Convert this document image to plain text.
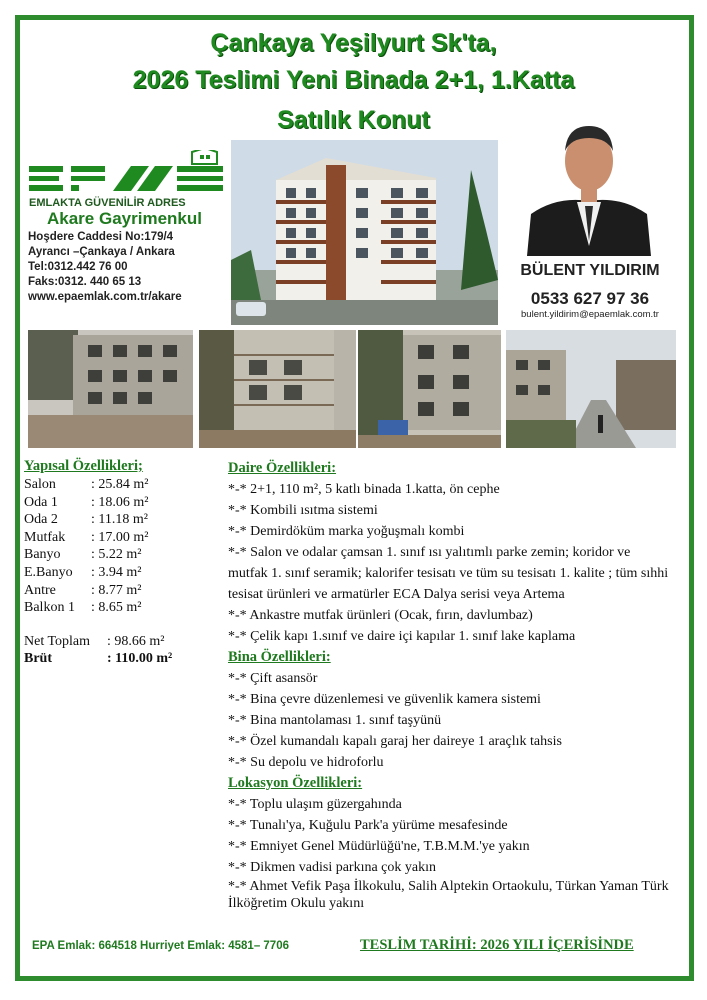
Çankaya Yeşilyurt Sk'ta,
2026 Teslimi Yeni Binada 2+1, 1.Katta
Satılık Konut
EMLAKTA GÜVENİLİR ADRES
Akare Gayrimenkul
Hoşdere Caddesi No:179/4
Ayrancı –Çankaya / Ankara
Tel:0312.442 76 00
Faks:0312. 440 65 13
www.epaemlak.com.tr/akare
BÜLENT YILDIRIM
0533 627 97 36
bulent.yildirim@epaemlak.com.tr
Yapısal Özellikleri;
Salon	: 25.84 m²
Oda 1 : 18.06 m²
Oda 2 : 11.18 m²
Mutfak : 17.00 m²
Banyo : 5.22 m²
E.Banyo : 3.94 m²
Antre	: 8.77 m²
Balkon 1 : 8.65 m²
Net Toplam : 98.66 m²
Brüt	: 110.00 m²
Daire Özellikleri:
*-* 2+1, 110 m², 5 katlı binada 1.katta, ön cephe
*-* Kombili ısıtma sistemi
*-* Demirdöküm marka yoğuşmalı kombi
*-* Salon ve odalar çamsan 1. sınıf ısı yalıtımlı parke zemin; koridor ve mutfak 1. sınıf seramik; kalorifer tesisatı ve tüm su tesisatı 1. kalite ; tüm sıhhi tesisat ürünleri ve armatürler ECA Dalya serisi veya Artema
*-* Ankastre mutfak ürünleri (Ocak, fırın, davlumbaz)
*-* Çelik kapı 1.sınıf ve daire içi kapılar 1. sınıf lake kaplama
Bina Özellikleri:
*-* Çift asansör
*-* Bina çevre düzenlemesi ve güvenlik kamera sistemi
*-* Bina mantolaması 1. sınıf taşyünü
*-* Özel kumandalı kapalı garaj her daireye 1 araçlık tahsis
*-* Su depolu ve hidroforlu
Lokasyon Özellikleri:
*-* Toplu ulaşım güzergahında
*-* Tunalı'ya, Kuğulu Park'a yürüme mesafesinde
*-* Emniyet Genel Müdürlüğü'ne, T.B.M.M.'ye yakın
*-* Dikmen vadisi parkına çok yakın
*-* Ahmet Vefik Paşa İlkokulu, Salih Alptekin Ortaokulu, Türkan Yaman Türk İlköğretim Okulu yakını
EPA Emlak: 664518 Hurriyet Emlak: 4581– 7706	TESLİM TARİHİ: 2026 YILI İÇERİSİNDE
